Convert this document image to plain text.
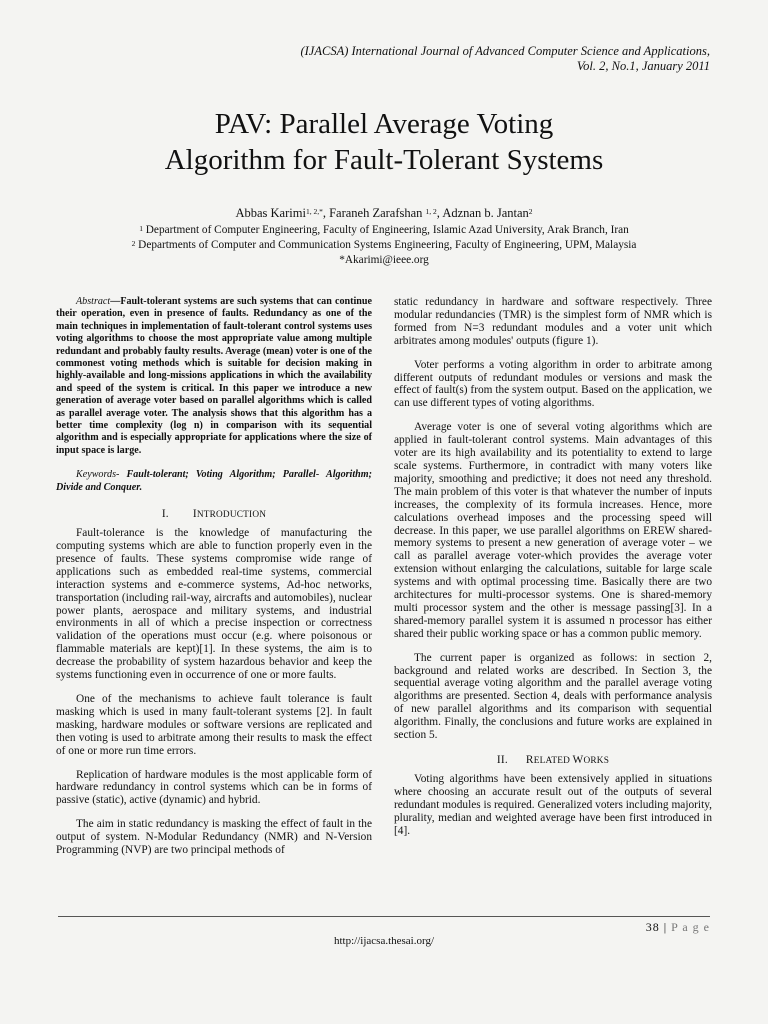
(IJACSA) International Journal of Advanced Computer Science and Applications,
Vol. 2, No.1, January 2011
PAV: Parallel Average Voting
Algorithm for Fault-Tolerant Systems
Abbas Karimi$^{1, 2,*}$, Faraneh Zarafshan $^{1, 2}$, Adznan b. Jantan$^2$
$^1$ Department of Computer Engineering, Faculty of Engineering, Islamic Azad University, Arak Branch, Iran
$^2$ Departments of Computer and Communication Systems Engineering, Faculty of Engineering, UPM, Malaysia
*Akarimi@ieee.org

Abstract—Fault-tolerant systems are such systems that can continue their operation, even in presence of faults. Redundancy as one of the main techniques in implementation of fault-tolerant control systems uses voting algorithms to choose the most appropriate value among multiple redundant and probably faulty results. Average (mean) voter is one of the commonest voting methods which is suitable for decision making in highly-available and long-missions applications in which the availability and speed of the system is critical. In this paper we introduce a new generation of average voter based on parallel algorithms which is called as parallel average voter. The analysis shows that this algorithm has a better time complexity (log n) in comparison with its sequential algorithm and is especially appropriate for applications where the size of input space is large.

Keywords- Fault-tolerant; Voting Algorithm; Parallel- Algorithm; Divide and Conquer.

I. INTRODUCTION

Fault-tolerance is the knowledge of manufacturing the computing systems which are able to function properly even in the presence of faults. These systems compromise wide range of applications such as embedded real-time systems, commercial interaction systems and e-commerce systems, Ad-hoc networks, transportation (including rail-way, aircrafts and automobiles), nuclear power plants, aerospace and military systems, and industrial environments in all of which a precise inspection or correctness validation of the operations must occur (e.g. where poisonous or flammable materials are kept)[1]. In these systems, the aim is to decrease the probability of system hazardous behavior and keep the systems functioning even in occurrence of one or more faults.

One of the mechanisms to achieve fault tolerance is fault masking which is used in many fault-tolerant systems [2]. In fault masking, hardware modules or software versions are replicated and then voting is used to arbitrate among their results to mask the effect of one or more run time errors.

Replication of hardware modules is the most applicable form of hardware redundancy in control systems which can be in forms of passive (static), active (dynamic) and hybrid.

The aim in static redundancy is masking the effect of fault in the output of system. N-Modular Redundancy (NMR) and N-Version Programming (NVP) are two principal methods of

static redundancy in hardware and software respectively. Three modular redundancies (TMR) is the simplest form of NMR which is formed from N=3 redundant modules and a voter unit which arbitrates among modules' outputs (figure 1).

Voter performs a voting algorithm in order to arbitrate among different outputs of redundant modules or versions and mask the effect of fault(s) from the system output. Based on the application, we can use different types of voting algorithms.

Average voter is one of several voting algorithms which are applied in fault-tolerant control systems. Main advantages of this voter are its high availability and its potentiality to extend to large scale systems. Furthermore, in contradict with many voters like majority, smoothing and predictive; it does not need any threshold. The main problem of this voter is that whatever the number of inputs increases, the complexity of its formula increases. Hence, more calculations overhead imposes and the processing speed will decrease. In this paper, we use parallel algorithms on EREW shared-memory systems to present a new generation of average voter – we call as parallel average voter-which provides the average voter extension without enlarging the calculations, suitable for large scale systems and with optimal processing time. Basically there are two architectures for multi-processor systems. One is shared-memory multi processor system and the other is message passing[3]. In a shared-memory parallel system it is assumed n processor has either shared their public working space or has a common public memory.

The current paper is organized as follows: in section 2, background and related works are described. In Section 3, the sequential average voting algorithm and the parallel average voting algorithms are presented. Section 4, deals with performance analysis of new parallel algorithms and its comparison with sequential algorithm. Finally, the conclusions and future works are explained in section 5.

II. RELATED WORKS

Voting algorithms have been extensively applied in situations where choosing an accurate result out of the outputs of several redundant modules is required. Generalized voters including majority, plurality, median and weighted average have been first introduced in [4].

38 | P a g e
http://ijacsa.thesai.org/
